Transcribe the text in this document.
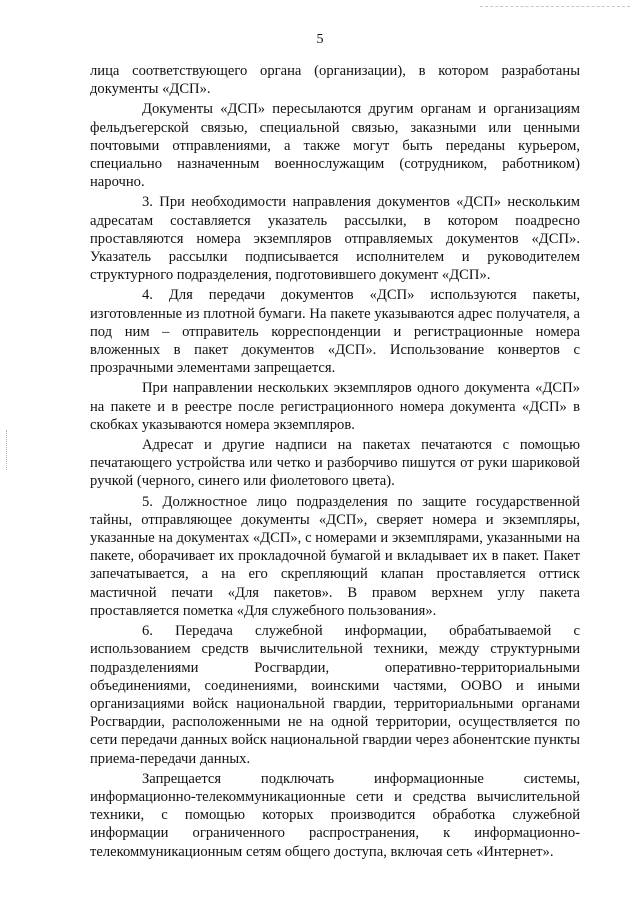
5

лица соответствующего органа (организации), в котором разработаны документы «ДСП».

Документы «ДСП» пересылаются другим органам и организациям фельдъегерской связью, специальной связью, заказными или ценными почтовыми отправлениями, а также могут быть переданы курьером, специально назначенным военнослужащим (сотрудником, работником) нарочно.

3. При необходимости направления документов «ДСП» нескольким адресатам составляется указатель рассылки, в котором поадресно проставляются номера экземпляров отправляемых документов «ДСП». Указатель рассылки подписывается исполнителем и руководителем структурного подразделения, подготовившего документ «ДСП».

4. Для передачи документов «ДСП» используются пакеты, изготовленные из плотной бумаги. На пакете указываются адрес получателя, а под ним – отправитель корреспонденции и регистрационные номера вложенных в пакет документов «ДСП». Использование конвертов с прозрачными элементами запрещается.

При направлении нескольких экземпляров одного документа «ДСП» на пакете и в реестре после регистрационного номера документа «ДСП» в скобках указываются номера экземпляров.

Адресат и другие надписи на пакетах печатаются с помощью печатающего устройства или четко и разборчиво пишутся от руки шариковой ручкой (черного, синего или фиолетового цвета).

5. Должностное лицо подразделения по защите государственной тайны, отправляющее документы «ДСП», сверяет номера и экземпляры, указанные на документах «ДСП», с номерами и экземплярами, указанными на пакете, оборачивает их прокладочной бумагой и вкладывает их в пакет. Пакет запечатывается, а на его скрепляющий клапан проставляется оттиск мастичной печати «Для пакетов». В правом верхнем углу пакета проставляется пометка «Для служебного пользования».

6. Передача служебной информации, обрабатываемой с использованием средств вычислительной техники, между структурными подразделениями Росгвардии, оперативно-территориальными объединениями, соединениями, воинскими частями, ООВО и иными организациями войск национальной гвардии, территориальными органами Росгвардии, расположенными не на одной территории, осуществляется по сети передачи данных войск национальной гвардии через абонентские пункты приема-передачи данных.

Запрещается подключать информационные системы, информационно-телекоммуникационные сети и средства вычислительной техники, с помощью которых производится обработка служебной информации ограниченного распространения, к информационно-телекоммуникационным сетям общего доступа, включая сеть «Интернет».
